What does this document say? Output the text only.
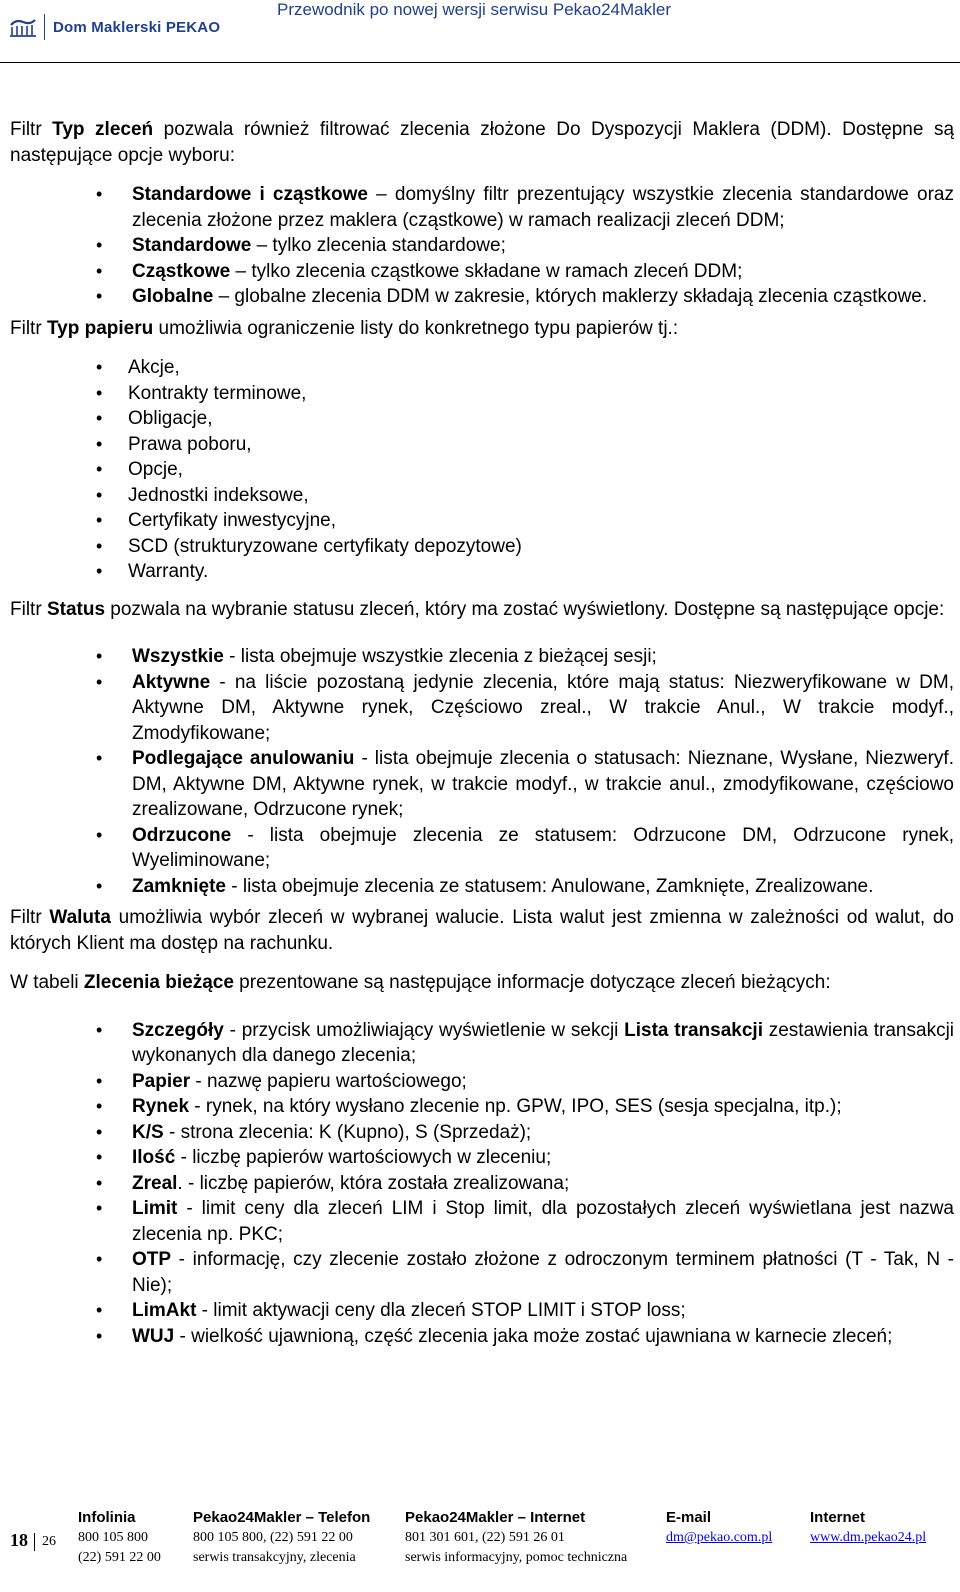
Dom Maklerski PEKAO
Przewodnik po nowej wersji serwisu Pekao24Makler

Filtr Typ zleceń pozwala również filtrować zlecenia złożone Do Dyspozycji Maklera (DDM). Dostępne są następujące opcje wyboru:

• Standardowe i cząstkowe – domyślny filtr prezentujący wszystkie zlecenia standardowe oraz zlecenia złożone przez maklera (cząstkowe) w ramach realizacji zleceń DDM;
• Standardowe – tylko zlecenia standardowe;
• Cząstkowe – tylko zlecenia cząstkowe składane w ramach zleceń DDM;
• Globalne – globalne zlecenia DDM w zakresie, których maklerzy składają zlecenia cząstkowe.

Filtr Typ papieru umożliwia ograniczenie listy do konkretnego typu papierów tj.:

• Akcje,
• Kontrakty terminowe,
• Obligacje,
• Prawa poboru,
• Opcje,
• Jednostki indeksowe,
• Certyfikaty inwestycyjne,
• SCD (strukturyzowane certyfikaty depozytowe)
• Warranty.

Filtr Status pozwala na wybranie statusu zleceń, który ma zostać wyświetlony. Dostępne są następujące opcje:

• Wszystkie - lista obejmuje wszystkie zlecenia z bieżącej sesji;
• Aktywne - na liście pozostaną jedynie zlecenia, które mają status: Niezweryfikowane w DM, Aktywne DM, Aktywne rynek, Częściowo zreal., W trakcie Anul., W trakcie modyf., Zmodyfikowane;
• Podlegające anulowaniu - lista obejmuje zlecenia o statusach: Nieznane, Wysłane, Niezweryf. DM, Aktywne DM, Aktywne rynek, w trakcie modyf., w trakcie anul., zmodyfikowane, częściowo zrealizowane, Odrzucone rynek;
• Odrzucone - lista obejmuje zlecenia ze statusem: Odrzucone DM, Odrzucone rynek, Wyeliminowane;
• Zamknięte - lista obejmuje zlecenia ze statusem: Anulowane, Zamknięte, Zrealizowane.

Filtr Waluta umożliwia wybór zleceń w wybranej walucie. Lista walut jest zmienna w zależności od walut, do których Klient ma dostęp na rachunku.

W tabeli Zlecenia bieżące prezentowane są następujące informacje dotyczące zleceń bieżących:

• Szczegóły - przycisk umożliwiający wyświetlenie w sekcji Lista transakcji zestawienia transakcji wykonanych dla danego zlecenia;
• Papier - nazwę papieru wartościowego;
• Rynek - rynek, na który wysłano zlecenie np. GPW, IPO, SES (sesja specjalna, itp.);
• K/S - strona zlecenia: K (Kupno), S (Sprzedaż);
• Ilość - liczbę papierów wartościowych w zleceniu;
• Zreal. - liczbę papierów, która została zrealizowana;
• Limit - limit ceny dla zleceń LIM i Stop limit, dla pozostałych zleceń wyświetlana jest nazwa zlecenia np. PKC;
• OTP - informację, czy zlecenie zostało złożone z odroczonym terminem płatności (T - Tak, N - Nie);
• LimAkt - limit aktywacji ceny dla zleceń STOP LIMIT i STOP loss;
• WUJ - wielkość ujawnioną, część zlecenia jaka może zostać ujawniana w karnecie zleceń;
18 26
Infolinia
800 105 800
(22) 591 22 00
Pekao24Makler – Telefon
800 105 800, (22) 591 22 00
serwis transakcyjny, zlecenia
Pekao24Makler – Internet
801 301 601, (22) 591 26 01
serwis informacyjny, pomoc techniczna
E-mail
dm@pekao.com.pl
Internet
www.dm.pekao24.pl
